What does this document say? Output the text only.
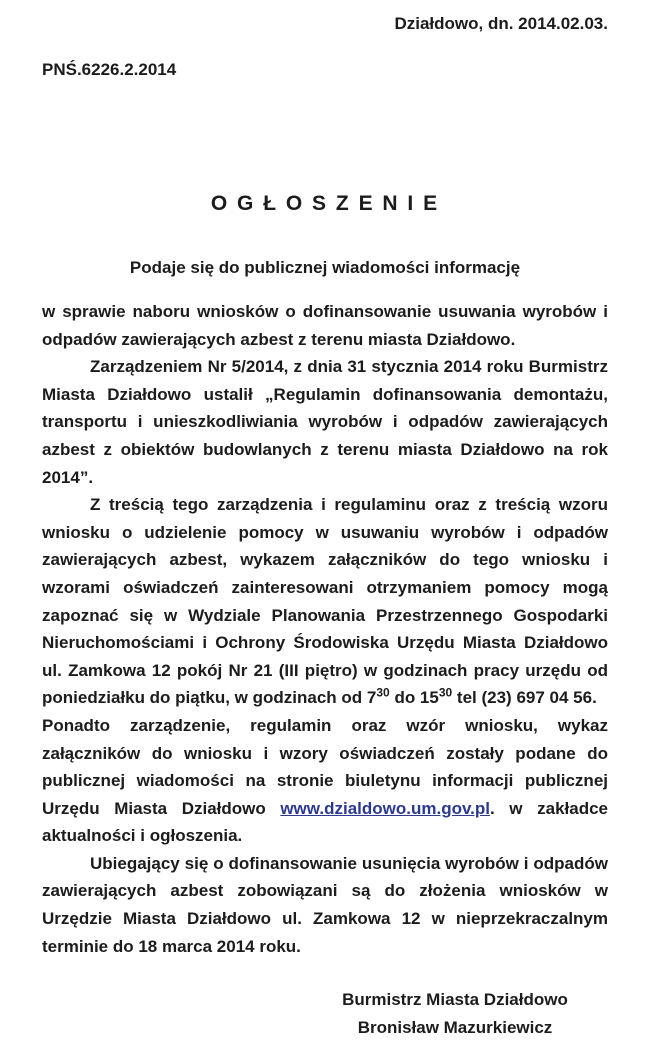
Działdowo, dn. 2014.02.03.
PNŚ.6226.2.2014
O G Ł O S Z E N I E
Podaje się do publicznej wiadomości informację

w sprawie naboru wniosków o dofinansowanie usuwania wyrobów i odpadów zawierających azbest z terenu miasta Działdowo.

Zarządzeniem Nr 5/2014, z dnia 31 stycznia 2014 roku Burmistrz Miasta Działdowo ustalił „Regulamin dofinansowania demontażu, transportu i unieszkodliwiania wyrobów i odpadów zawierających azbest z obiektów budowlanych z terenu miasta Działdowo na rok 2014”.

Z treścią tego zarządzenia i regulaminu oraz z treścią wzoru wniosku o udzielenie pomocy w usuwaniu wyrobów i odpadów zawierających azbest, wykazem załączników do tego wniosku i wzorami oświadczeń zainteresowani otrzymaniem pomocy mogą zapoznać się w Wydziale Planowania Przestrzennego Gospodarki Nieruchomościami i Ochrony Środowiska Urzędu Miasta Działdowo ul. Zamkowa 12 pokój Nr 21 (III piętro) w godzinach pracy urzędu od poniedziałku do piątku, w godzinach od $7^{30}$ do $15^{30}$ tel (23) 697 04 56.

Ponadto zarządzenie, regulamin oraz wzór wniosku, wykaz załączników do wniosku i wzory oświadczeń zostały podane do publicznej wiadomości na stronie biuletynu informacji publicznej Urzędu Miasta Działdowo www.dzialdowo.um.gov.pl. w zakładce aktualności i ogłoszenia.

Ubiegający się o dofinansowanie usunięcia wyrobów i odpadów zawierających azbest zobowiązani są do złożenia wniosków w Urzędzie Miasta Działdowo ul. Zamkowa 12 w nieprzekraczalnym terminie do 18 marca 2014 roku.

Burmistrz Miasta Działdowo
Bronisław Mazurkiewicz
